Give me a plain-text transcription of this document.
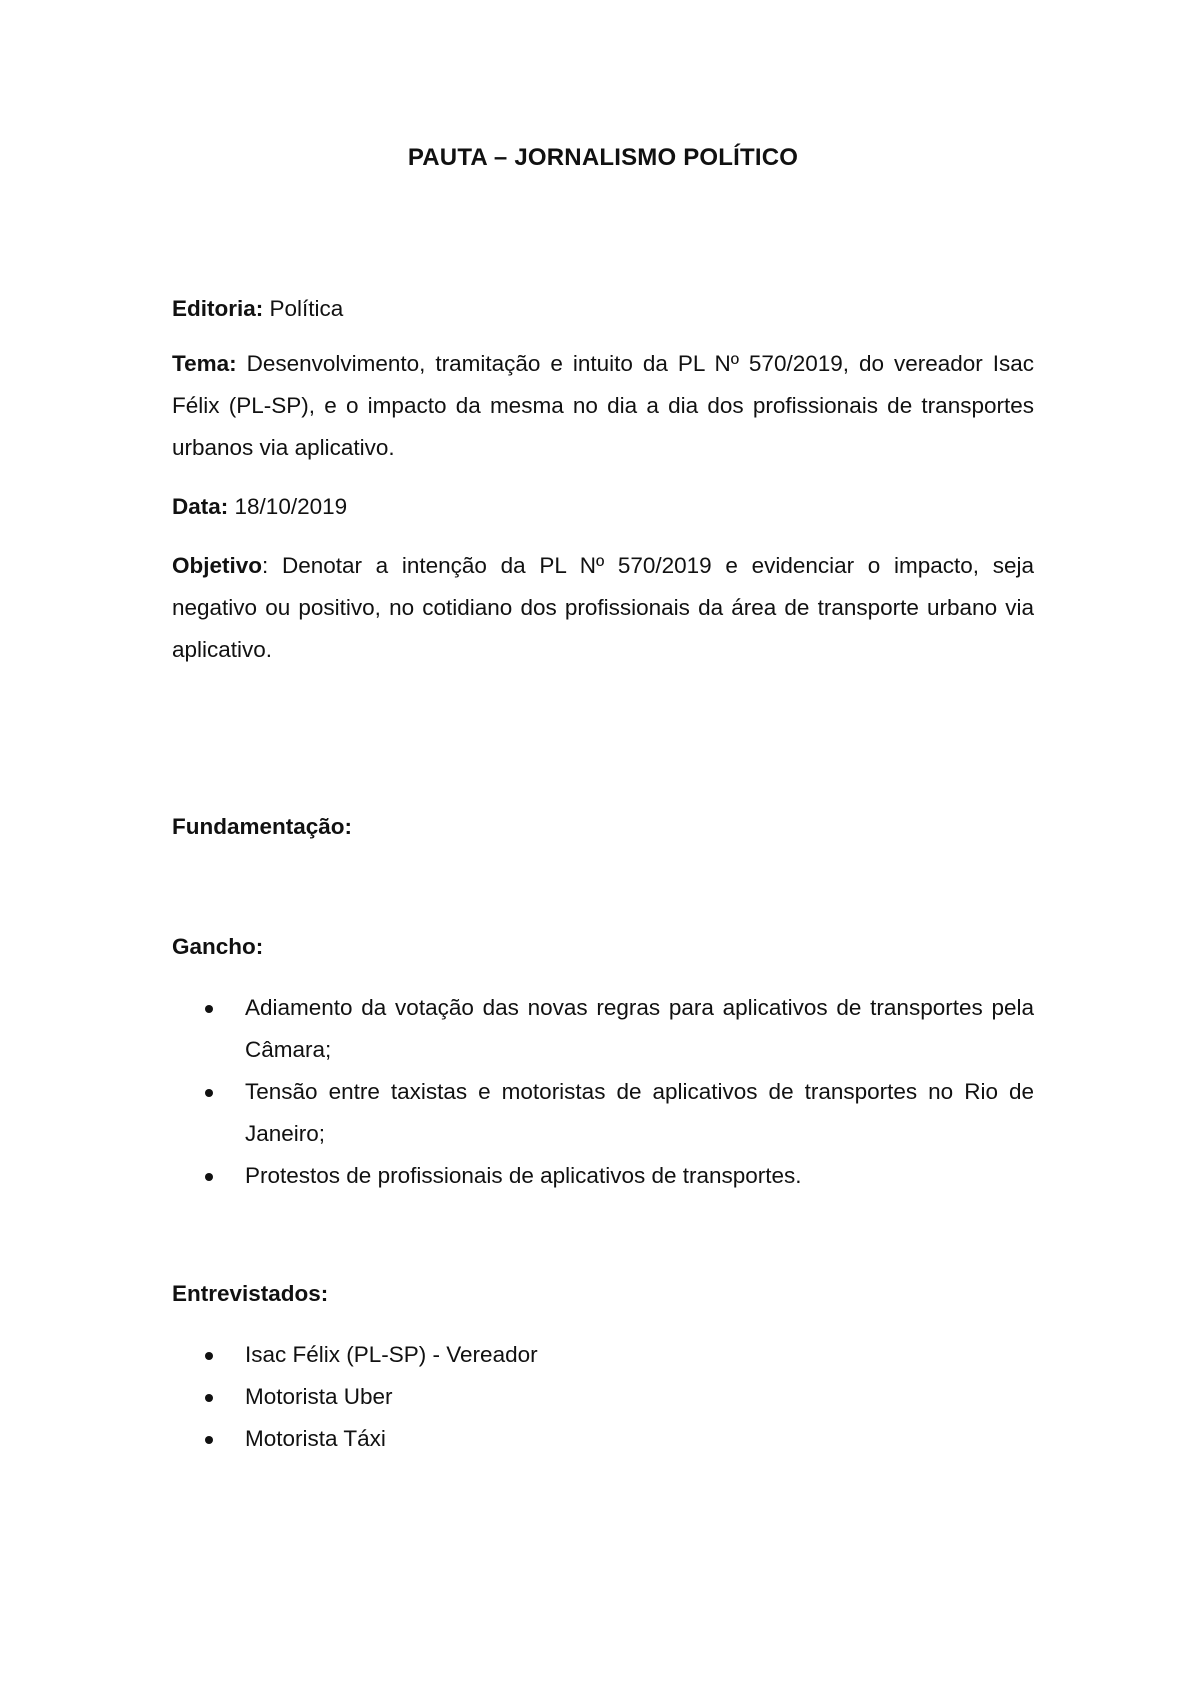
PAUTA – JORNALISMO POLÍTICO
Editoria: Política
Tema: Desenvolvimento, tramitação e intuito da PL Nº 570/2019, do vereador Isac Félix (PL-SP), e o impacto da mesma no dia a dia dos profissionais de transportes urbanos via aplicativo.
Data: 18/10/2019
Objetivo: Denotar a intenção da PL Nº 570/2019 e evidenciar o impacto, seja negativo ou positivo, no cotidiano dos profissionais da área de transporte urbano via aplicativo.
Fundamentação:
Gancho:
Adiamento da votação das novas regras para aplicativos de transportes pela Câmara;
Tensão entre taxistas e motoristas de aplicativos de transportes no Rio de Janeiro;
Protestos de profissionais de aplicativos de transportes.
Entrevistados:
Isac Félix (PL-SP) - Vereador
Motorista Uber
Motorista Táxi
